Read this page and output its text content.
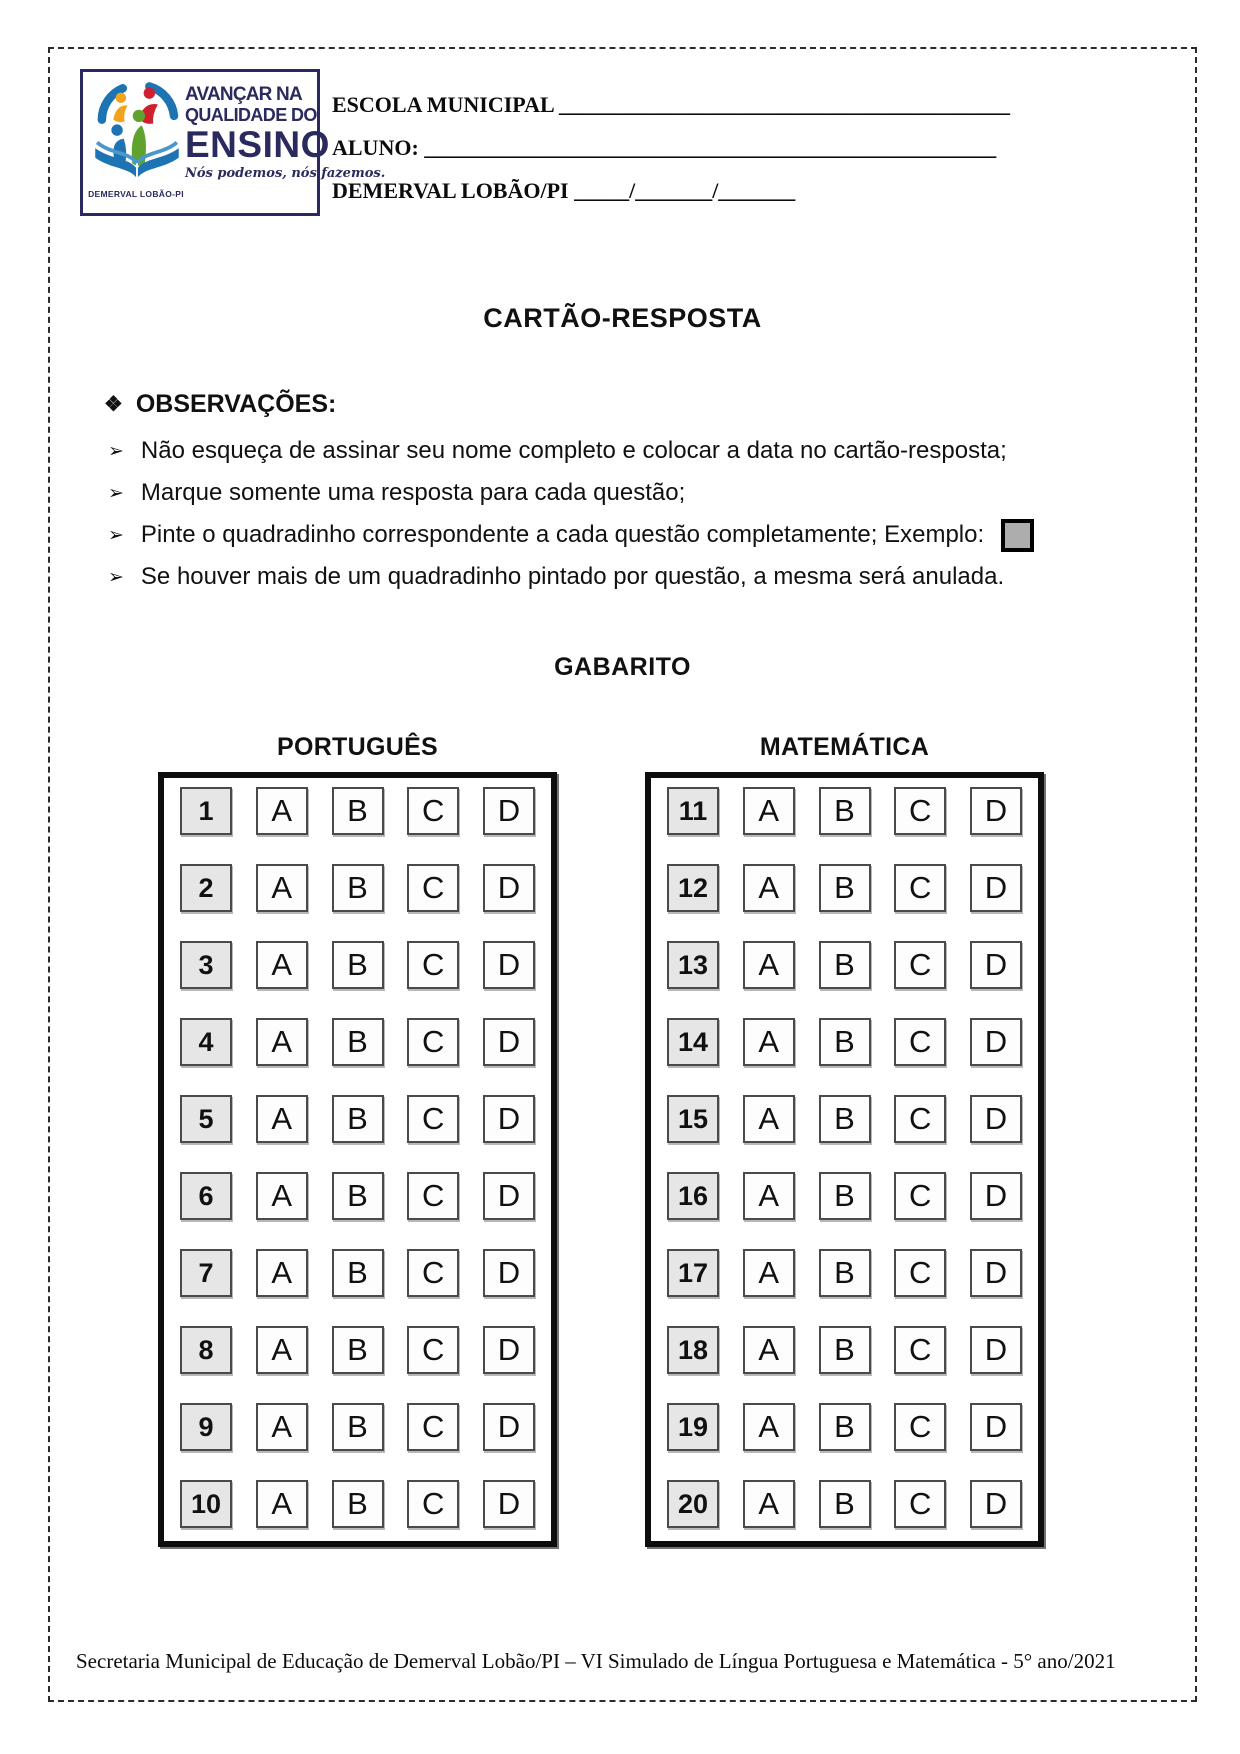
DEMERVAL LOBÃO-PI
AVANÇAR NA
QUALIDADE DO
ENSINO
Nós podemos, nós fazemos.
ESCOLA MUNICIPAL _________________________________________
ALUNO: ____________________________________________________
DEMERVAL LOBÃO/PI _____/_______/_______
CARTÃO-RESPOSTA
❖ OBSERVAÇÕES:
➢ Não esqueça de assinar seu nome completo e colocar a data no cartão-resposta;
➢ Marque somente uma resposta para cada questão;
➢ Pinte o quadradinho correspondente a cada questão completamente; Exemplo:
➢ Se houver mais de um quadradinho pintado por questão, a mesma será anulada.
GABARITO
PORTUGUÊS	MATEMÁTICA
1	A	B	C	D
2	A	B	C	D
3	A	B	C	D
4	A	B	C	D
5	A	B	C	D
6	A	B	C	D
7	A	B	C	D
8	A	B	C	D
9	A	B	C	D
10	A	B	C	D
11	A	B	C	D
12	A	B	C	D
13	A	B	C	D
14	A	B	C	D
15	A	B	C	D
16	A	B	C	D
17	A	B	C	D
18	A	B	C	D
19	A	B	C	D
20	A	B	C	D
Secretaria Municipal de Educação de Demerval Lobão/PI – VI Simulado de Língua Portuguesa e Matemática - 5° ano/2021
